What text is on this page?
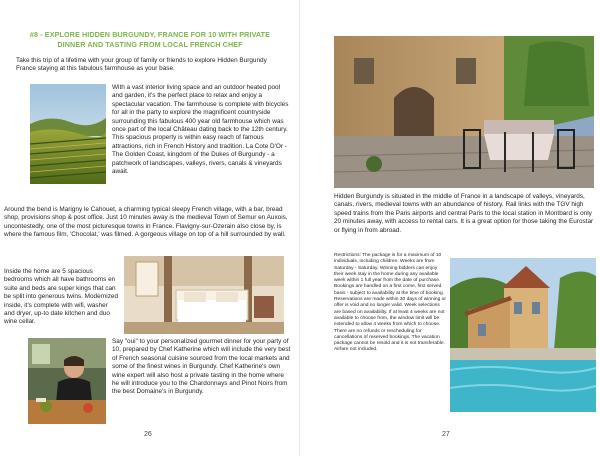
#8 - EXPLORE HIDDEN BURGUNDY, FRANCE FOR 10 WITH PRIVATE DINNER AND TASTING FROM LOCAL FRENCH CHEF
Take this trip of a lifetime with your group of family or friends to explore Hidden Burgundy France staying at this fabulous farmhouse as your base.
With a vast interior living space and an outdoor heated pool and garden, it's the perfect place to relax and enjoy a spectacular vacation. The farmhouse is complete with bicycles for all in the party to explore the magnificent countryside surrounding this fabulous 400 year old farmhouse which was once part of the local Château dating back to the 12th century. This spacious property is within easy reach of famous attractions, rich in French History and tradition. La Cote D'Or - The Golden Coast, kingdom of the Dukes of Burgundy - a patchwork of landscapes, valleys, rivers, canals & vineyards await.
Around the bend is Marigny le Cahouet, a charming typical sleepy French village, with a bar, bread shop, provisions shop & post office. Just 10 minutes away is the medieval Town of Semur en Auxois, uncontestedly, one of the most picturesque towns in France. Flavigny-sur-Ozerain also close by, is where the famous film, 'Chocolat,' was filmed. A gorgeous village on top of a hill surrounded by wall.
Inside the home are 5 spacious bedrooms which all have bathrooms en suite and beds are super kings that can be split into generous twins. Modernized inside, it's complete with wifi, washer and dryer, up-to date kitchen and duo wine cellar.
Say "oui" to your personalized gourmet dinner for your party of 10, prepared by Chef Katherine which will include the very best of French seasonal cuisine sourced from the local markets and some of the finest wines in Burgundy. Chef Katherine's own wine expert will also host a private tasting in the home where he will introduce you to the Chardonnays and Pinot Noirs from the best Domaine's in Burgundy.
26
Hidden Burgundy is situated in the middle of France in a landscape of valleys, vineyards, canals, rivers, medieval towns with an abundance of history. Rail links with the TGV high speed trains from the Paris airports and central Paris to the local station in Montbard is only 20 minutes away, with access to rental cars. It is a great option for those taking the Eurostar or flying in from abroad.
Restrictions: The package is for a maximum of 10 individuals, including children. Weeks are from Saturday - Saturday. Winning bidders can enjoy their week stay in the home during any available week within 1 full year from the date of purchase. Bookings are handled on a first come, first served basis - subject to availability at the time of booking. Reservations are made within 30 days of winning or offer is void and no longer valid. Week selections are based on availability. If at least 4 weeks are not available to choose from, the window limit will be extended to allow 4 weeks from which to choose. There are no refunds or rescheduling for cancellations of reserved bookings. The vacation package cannot be resold and it is not transferable. Airfare not included.
27
